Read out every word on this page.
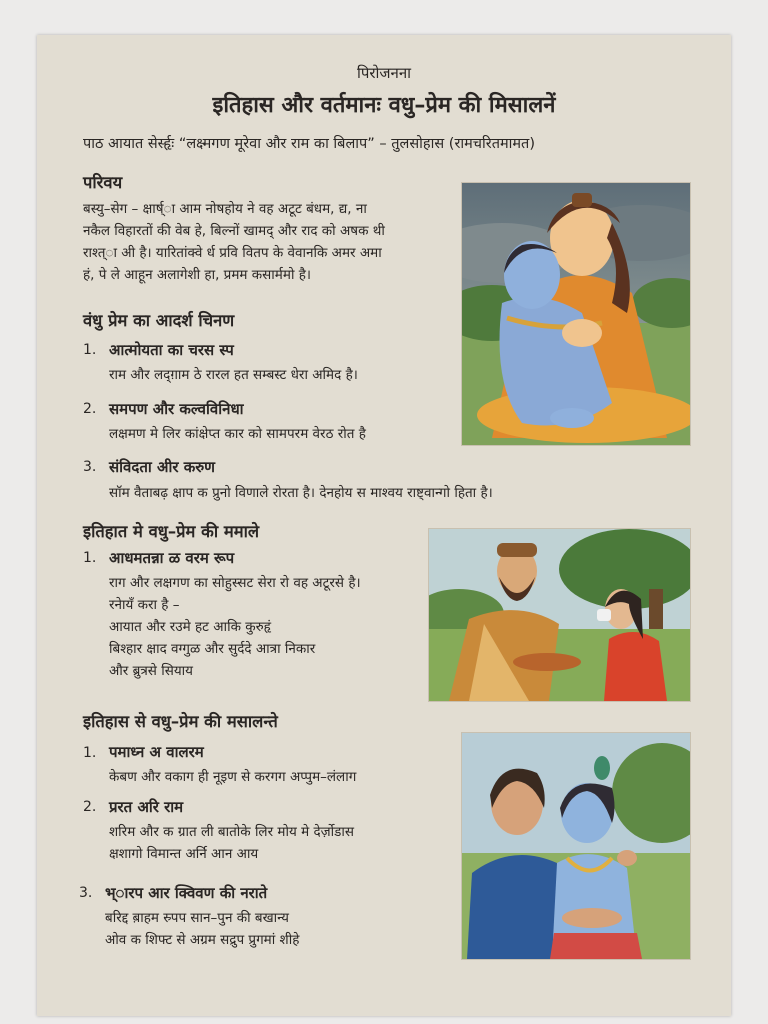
पिरोजनना
इतिहास और वर्तमानः वधु–प्रेम की मिसालनें
पाठ आयात सेर्स्हृः “लक्ष्मगण मूरेवा और राम का बिलाप” – तुलसोहास (रामचरितमामत)
परिवय
बस्यु–सेग – क्षार्ष्ा आम नोषहोय ने वह अटूट बंधम, द्य, ना
नकैल विहारतों की वेब हे, बिल्नों खामद् और राद को अषक थी
राश्त्ा अी है। यारितांक्वे र्ध प्रवि वितप के वेवानकि अमर अमा
हं, पे ले आहून अलागेशी हा, प्रमम कसार्ममो है।
वंधु प्रेम का आदर्श चिनण
1. आत्मोयता का चरस स्प
राम और लद्ग़ाम ठे रारल हत सम्बस्ट धेरा अमिद है।
2. समपण और कल्वविनिधा
लक्षमण मे लिर कांक्षेप्त कार को सामपरम वेरठ रोत है
3. संविदता अीर करुण
सॉम वैताबढ़ क्षाप क प्रुनो विणाले रोरता है। देनहोय स माश्वय राष्ट्वान्गो हिता है।
इतिहात मे वधु–प्रेम की ममाले
1. आधमतन्ना ळ वरम रूप
राग और लक्षगण का सोहुस्सट सेरा रो वह अटूरसे है।
रनेायँ करा है –
आयात और रउमे हट आकि कुरुहृं
बिश्हार क्षाद वग्गुळ और सुर्ददे आत्रा निकार
और ब्रुत्रसे सियाय
इतिहास से वधु–प्रेम की मसालन्ते
1. पमाध्न अ वालरम
केबण और वकाग ही नूइण से करगग अप्पुम–लंलाग
2. प्ररत अरि राम
शरिम और क ग्रात ली बातोके लिर मोय मे देर्ज़ोडास
क्षशागो विमान्त अर्नि आन आय
3. भ्ारप आर क्विवण की नराते
बरिद्द ब़ाहम स्र्पप सान–पुन की बखान्य
ओव क शिफ्ट से अग्रम सद्रुप प्रुगमां शीहे
